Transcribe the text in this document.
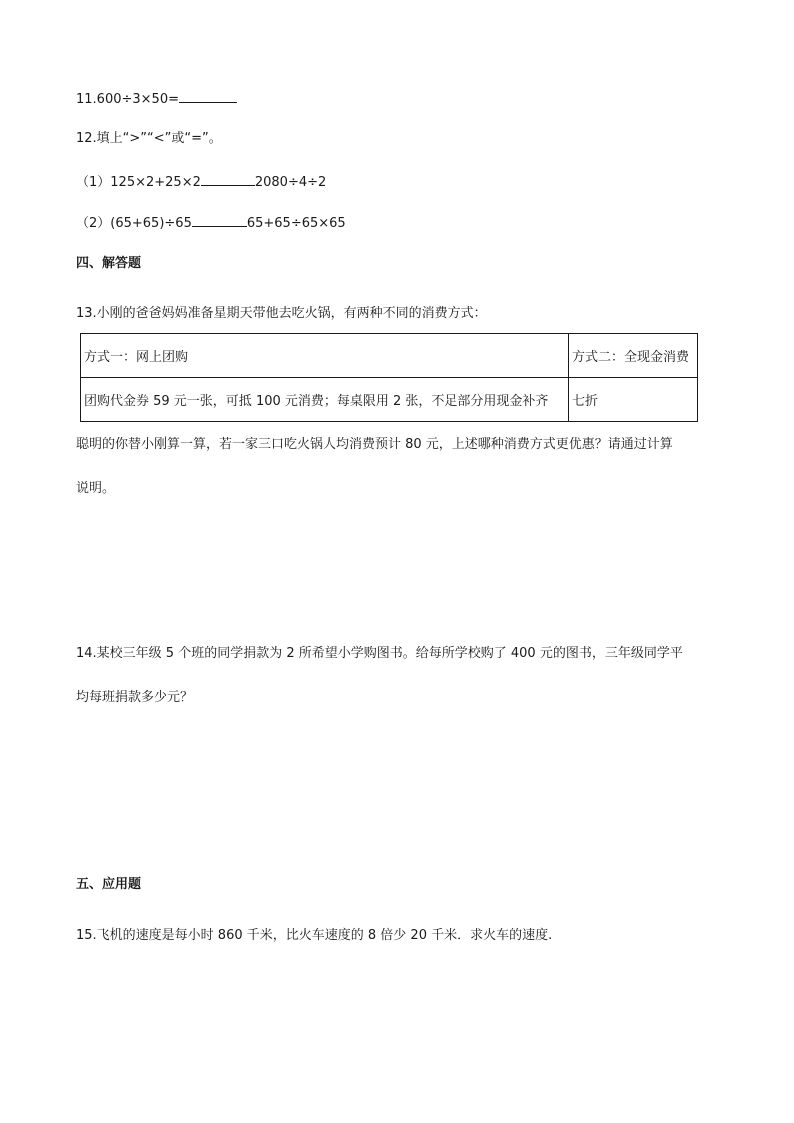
11.600÷3×50=
12.填上“>”“<”或“=”。
（1）125×2+25×2	2080÷4÷2
（2）(65+65)÷65	65+65÷65×65
四、解答题
13.小刚的爸爸妈妈准备星期天带他去吃火锅，有两种不同的消费方式：
方式一：网上团购	方式二：全现金消费
团购代金券 59 元一张，可抵 100 元消费；每桌限用 2 张，不足部分用现金补齐	七折
聪明的你替小刚算一算，若一家三口吃火锅人均消费预计 80 元，上述哪种消费方式更优惠？请通过计算
说明。
14.某校三年级 5 个班的同学捐款为 2 所希望小学购图书。给每所学校购了 400 元的图书，三年级同学平
均每班捐款多少元？
五、应用题
15.飞机的速度是每小时 860 千米，比火车速度的 8 倍少 20 千米．求火车的速度.
